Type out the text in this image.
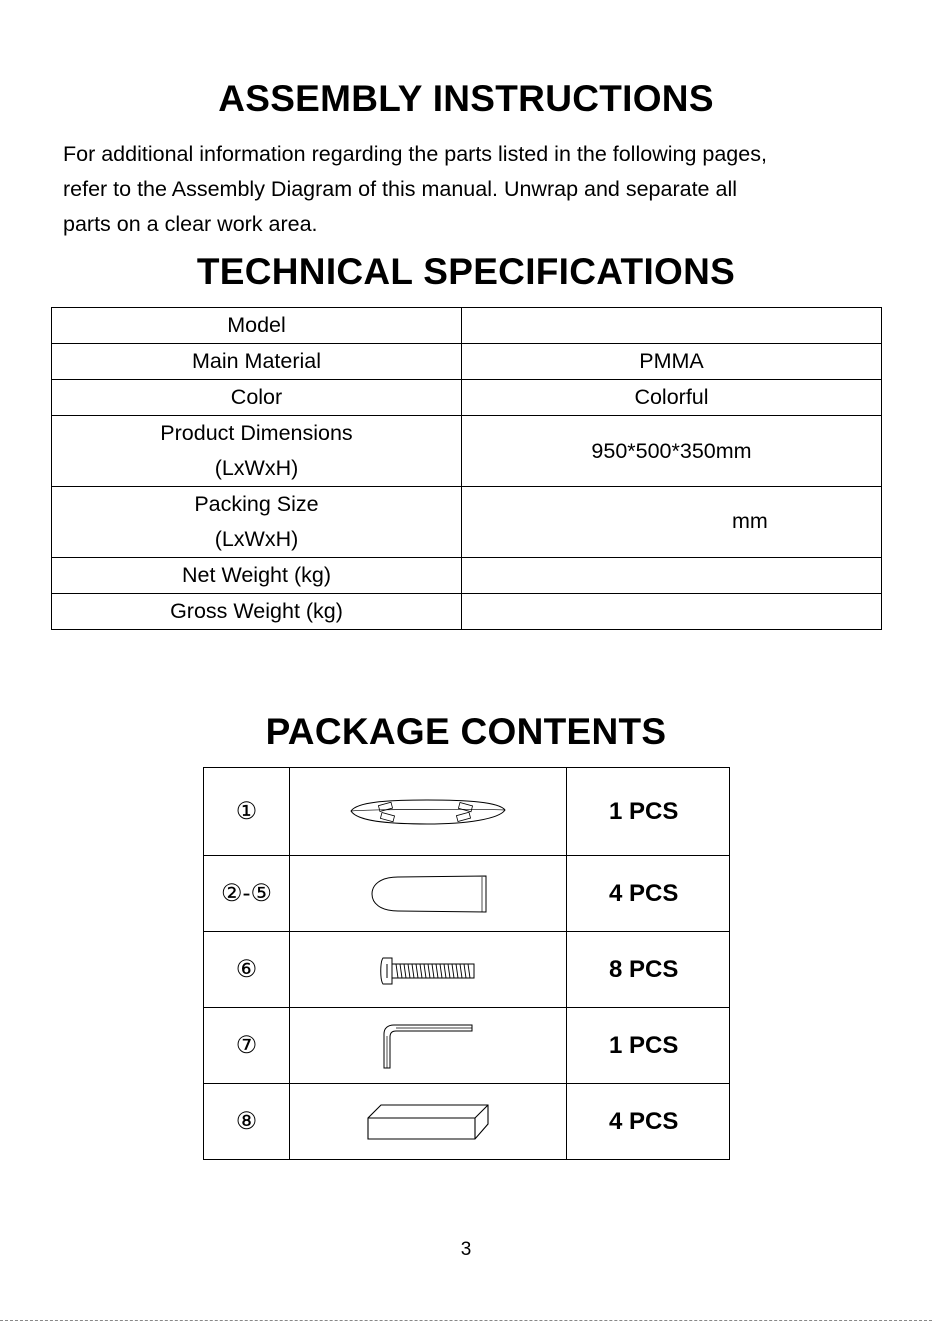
ASSEMBLY INSTRUCTIONS
For additional information regarding the parts listed in the following pages,
refer to the Assembly Diagram of this manual. Unwrap and separate all
parts on a clear work area.
TECHNICAL SPECIFICATIONS
Model	
Main Material	PMMA
Color	Colorful

Product Dimensions
(LxWxH)	950*500*350mm

Packing Size
(LxWxH)	mm

Net Weight (kg)	
Gross Weight (kg)	
PACKAGE CONTENTS
①		1 PCS
②-⑤		4 PCS
⑥		8 PCS
⑦		1 PCS
⑧		4 PCS
3
